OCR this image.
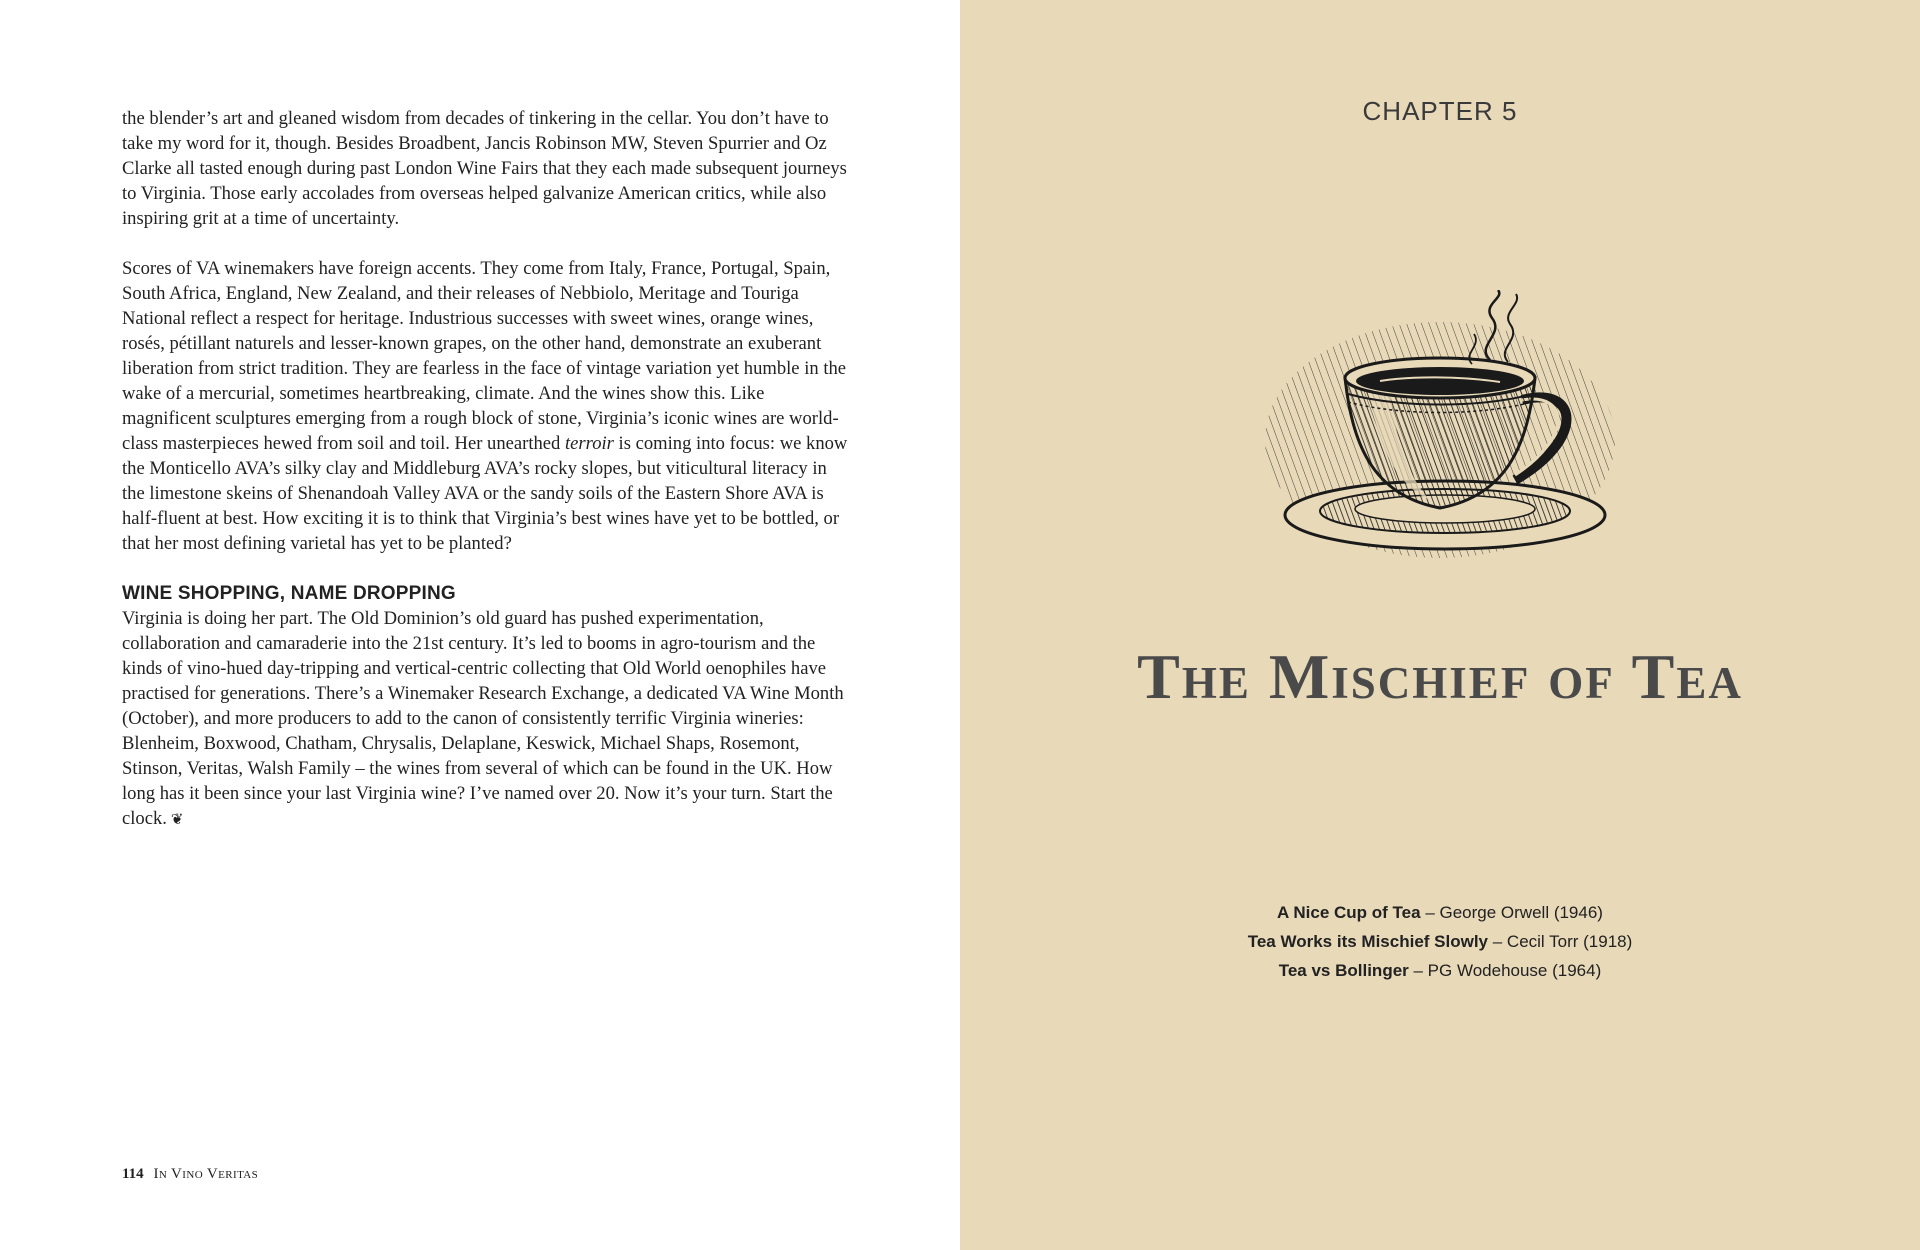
the blender’s art and gleaned wisdom from decades of tinkering in the cellar. You don’t have to take my word for it, though. Besides Broadbent, Jancis Robinson MW, Steven Spurrier and Oz Clarke all tasted enough during past London Wine Fairs that they each made subsequent journeys to Virginia. Those early accolades from overseas helped galvanize American critics, while also inspiring grit at a time of uncertainty.

Scores of VA winemakers have foreign accents. They come from Italy, France, Portugal, Spain, South Africa, England, New Zealand, and their releases of Nebbiolo, Meritage and Touriga National reflect a respect for heritage. Industrious successes with sweet wines, orange wines, rosés, pétillant naturels and lesser-known grapes, on the other hand, demonstrate an exuberant liberation from strict tradition. They are fearless in the face of vintage variation yet humble in the wake of a mercurial, sometimes heartbreaking, climate. And the wines show this. Like magnificent sculptures emerging from a rough block of stone, Virginia’s iconic wines are world-class masterpieces hewed from soil and toil. Her unearthed terroir is coming into focus: we know the Monticello AVA’s silky clay and Middleburg AVA’s rocky slopes, but viticultural literacy in the limestone skeins of Shenandoah Valley AVA or the sandy soils of the Eastern Shore AVA is half-fluent at best. How exciting it is to think that Virginia’s best wines have yet to be bottled, or that her most defining varietal has yet to be planted?

WINE SHOPPING, NAME DROPPING

Virginia is doing her part. The Old Dominion’s old guard has pushed experimentation, collaboration and camaraderie into the 21st century. It’s led to booms in agro-tourism and the kinds of vino-hued day-tripping and vertical-centric collecting that Old World oenophiles have practised for generations. There’s a Winemaker Research Exchange, a dedicated VA Wine Month (October), and more producers to add to the canon of consistently terrific Virginia wineries: Blenheim, Boxwood, Chatham, Chrysalis, Delaplane, Keswick, Michael Shaps, Rosemont, Stinson, Veritas, Walsh Family – the wines from several of which can be found in the UK. How long has it been since your last Virginia wine? I’ve named over 20. Now it’s your turn. Start the clock. ❦

114 In Vino Veritas
CHAPTER 5
The Mischief of Tea
A Nice Cup of Tea – George Orwell (1946)
Tea Works its Mischief Slowly – Cecil Torr (1918)
Tea vs Bollinger – PG Wodehouse (1964)
